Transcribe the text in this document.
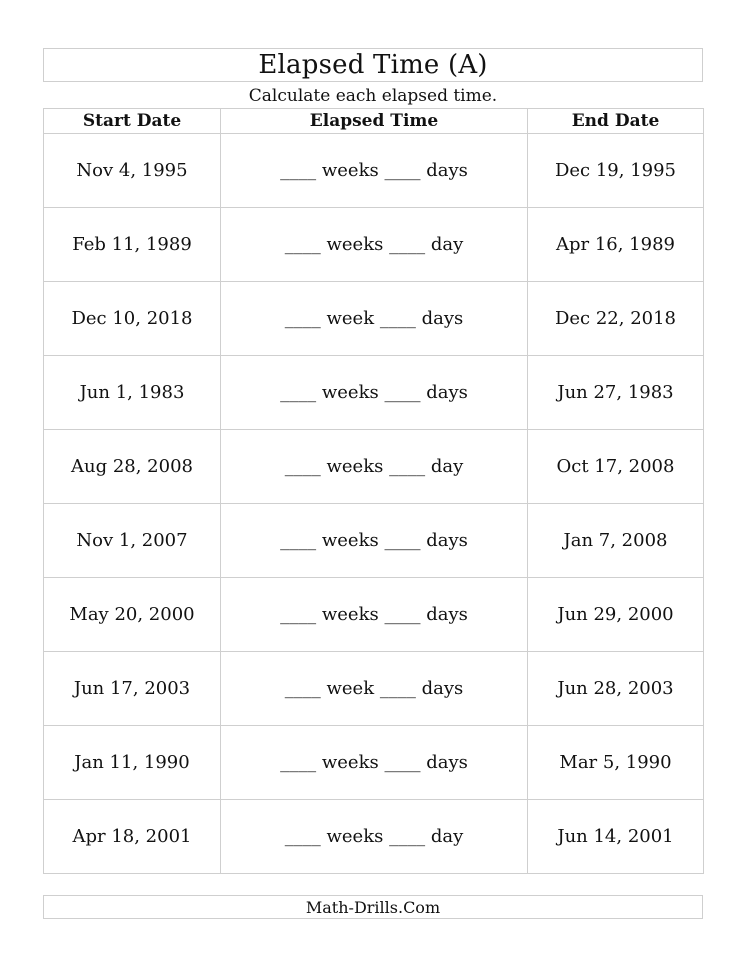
Elapsed Time (A)
Calculate each elapsed time.
Start Date	Elapsed Time	End Date
Nov 4, 1995	____ weeks ____ days	Dec 19, 1995
Feb 11, 1989	____ weeks ____ day	Apr 16, 1989
Dec 10, 2018	____ week ____ days	Dec 22, 2018
Jun 1, 1983	____ weeks ____ days	Jun 27, 1983
Aug 28, 2008	____ weeks ____ day	Oct 17, 2008
Nov 1, 2007	____ weeks ____ days	Jan 7, 2008
May 20, 2000	____ weeks ____ days	Jun 29, 2000
Jun 17, 2003	____ week ____ days	Jun 28, 2003
Jan 11, 1990	____ weeks ____ days	Mar 5, 1990
Apr 18, 2001	____ weeks ____ day	Jun 14, 2001
Math-Drills.Com
